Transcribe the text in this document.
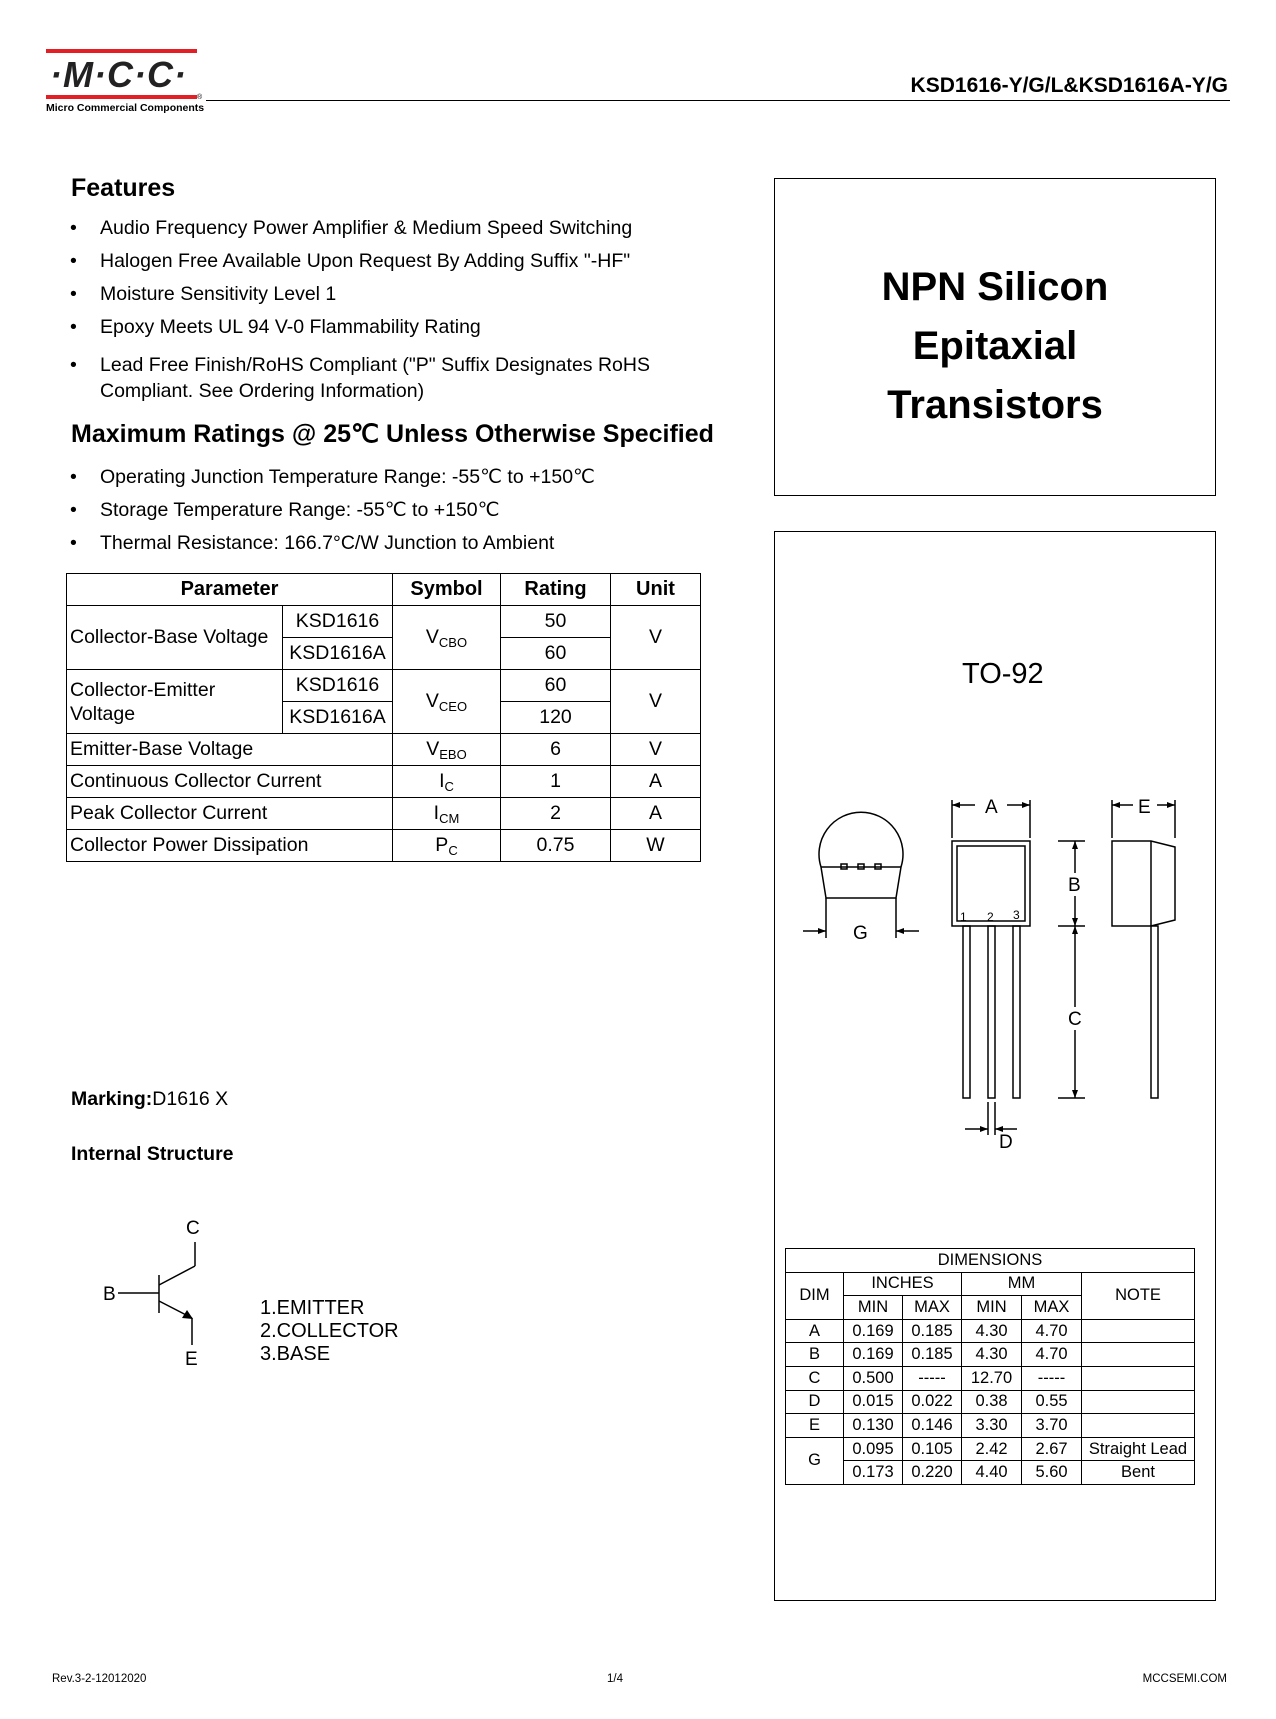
·M·C·C·
Micro Commercial Components
®
KSD1616-Y/G/L&KSD1616A-Y/G
Features
• Audio Frequency Power Amplifier & Medium Speed Switching
• Halogen Free Available Upon Request By Adding Suffix "-HF"
• Moisture Sensitivity Level 1
• Epoxy Meets UL 94 V-0 Flammability Rating
• Lead Free Finish/RoHS Compliant ("P" Suffix Designates RoHS Compliant. See Ordering Information)
Maximum Ratings @ 25℃ Unless Otherwise Specified
• Operating Junction Temperature Range: -55℃ to +150℃
• Storage Temperature Range: -55℃ to +150℃
• Thermal Resistance: 166.7°C/W Junction to Ambient
Parameter		Symbol	Rating	Unit
Collector-Base Voltage	KSD1616	$V_{CBO}$	50	V
	KSD1616A		60	
Collector-Emitter Voltage	KSD1616	$V_{CEO}$	60	V
	KSD1616A		120	
Emitter-Base Voltage		$V_{EBO}$	6	V
Continuous Collector Current		$I_C$	1	A
Peak Collector Current		$I_{CM}$	2	A
Collector Power Dissipation		$P_C$	0.75	W
NPN Silicon Epitaxial Transistors
TO-92
G
A
D
1 2 3
B
C
E
DIMENSIONS					
DIM	INCHES		MM		NOTE
	MIN	MAX	MIN	MAX	
A	0.169	0.185	4.30	4.70	
B	0.169	0.185	4.30	4.70	
C	0.500	-----	12.70	-----	
D	0.015	0.022	0.38	0.55	
E	0.130	0.146	3.30	3.70	
G	0.095	0.105	2.42	2.67	Straight Lead
	0.173	0.220	4.40	5.60	Bent
Marking:D1616 X
Internal Structure
C
B
E
1.EMITTER
2.COLLECTOR
3.BASE
Rev.3-2-12012020	1/4	MCCSEMI.COM
